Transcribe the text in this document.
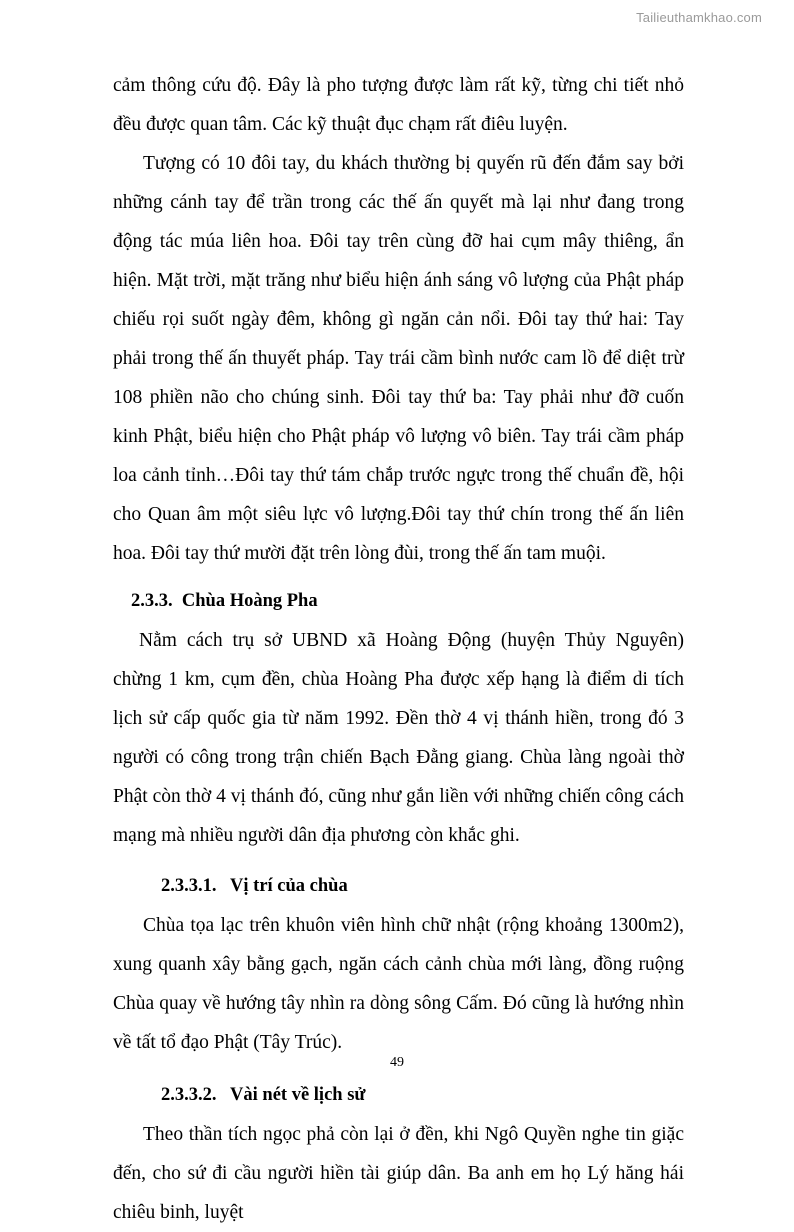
Tailieuthamkhao.com

cảm thông cứu độ. Đây là pho tượng được làm rất kỹ, từng chi tiết nhỏ đều được quan tâm. Các kỹ thuật đục chạm rất điêu luyện.

Tượng có 10 đôi tay, du khách thường bị quyến rũ đến đắm say bởi những cánh tay để trần trong các thế ấn quyết mà lại như đang trong động tác múa liên hoa. Đôi tay trên cùng đỡ hai cụm mây thiêng, ẩn hiện. Mặt trời, mặt trăng như biểu hiện ánh sáng vô lượng của Phật pháp chiếu rọi suốt ngày đêm, không gì ngăn cản nổi. Đôi tay thứ hai: Tay phải trong thế ấn thuyết pháp. Tay trái cầm bình nước cam lồ để diệt trừ 108 phiền não cho chúng sinh. Đôi tay thứ ba: Tay phải như đỡ cuốn kinh Phật, biểu hiện cho Phật pháp vô lượng vô biên. Tay trái cầm pháp loa cảnh tỉnh…Đôi tay thứ tám chắp trước ngực trong thế chuẩn đề, hội cho Quan âm một siêu lực vô lượng.Đôi tay thứ chín trong thế ấn liên hoa. Đôi tay thứ mười đặt trên lòng đùi, trong thế ấn tam muội.

2.3.3.  Chùa Hoàng Pha

Nằm cách trụ sở UBND xã Hoàng Động (huyện Thủy Nguyên) chừng 1 km, cụm đền, chùa Hoàng Pha được xếp hạng là điểm di tích lịch sử cấp quốc gia từ năm 1992. Đền thờ 4 vị thánh hiền, trong đó 3 người có công trong trận chiến Bạch Đằng giang. Chùa làng ngoài thờ Phật còn thờ 4 vị thánh đó, cũng như gắn liền với những chiến công cách mạng mà nhiều người dân địa phương còn khắc ghi.

2.3.3.1.   Vị trí của chùa

Chùa tọa lạc trên khuôn viên hình chữ nhật (rộng khoảng 1300m2), xung quanh xây bằng gạch, ngăn cách cảnh chùa mới làng, đồng ruộng Chùa quay về hướng tây nhìn ra dòng sông Cấm. Đó cũng là hướng nhìn về tất tổ đạo Phật (Tây Trúc).

2.3.3.2.   Vài nét về lịch sử

Theo thần tích ngọc phả còn lại ở đền, khi Ngô Quyền nghe tin giặc đến, cho sứ đi cầu người hiền tài giúp dân. Ba anh em họ Lý hăng hái chiêu binh, luyệt

49
